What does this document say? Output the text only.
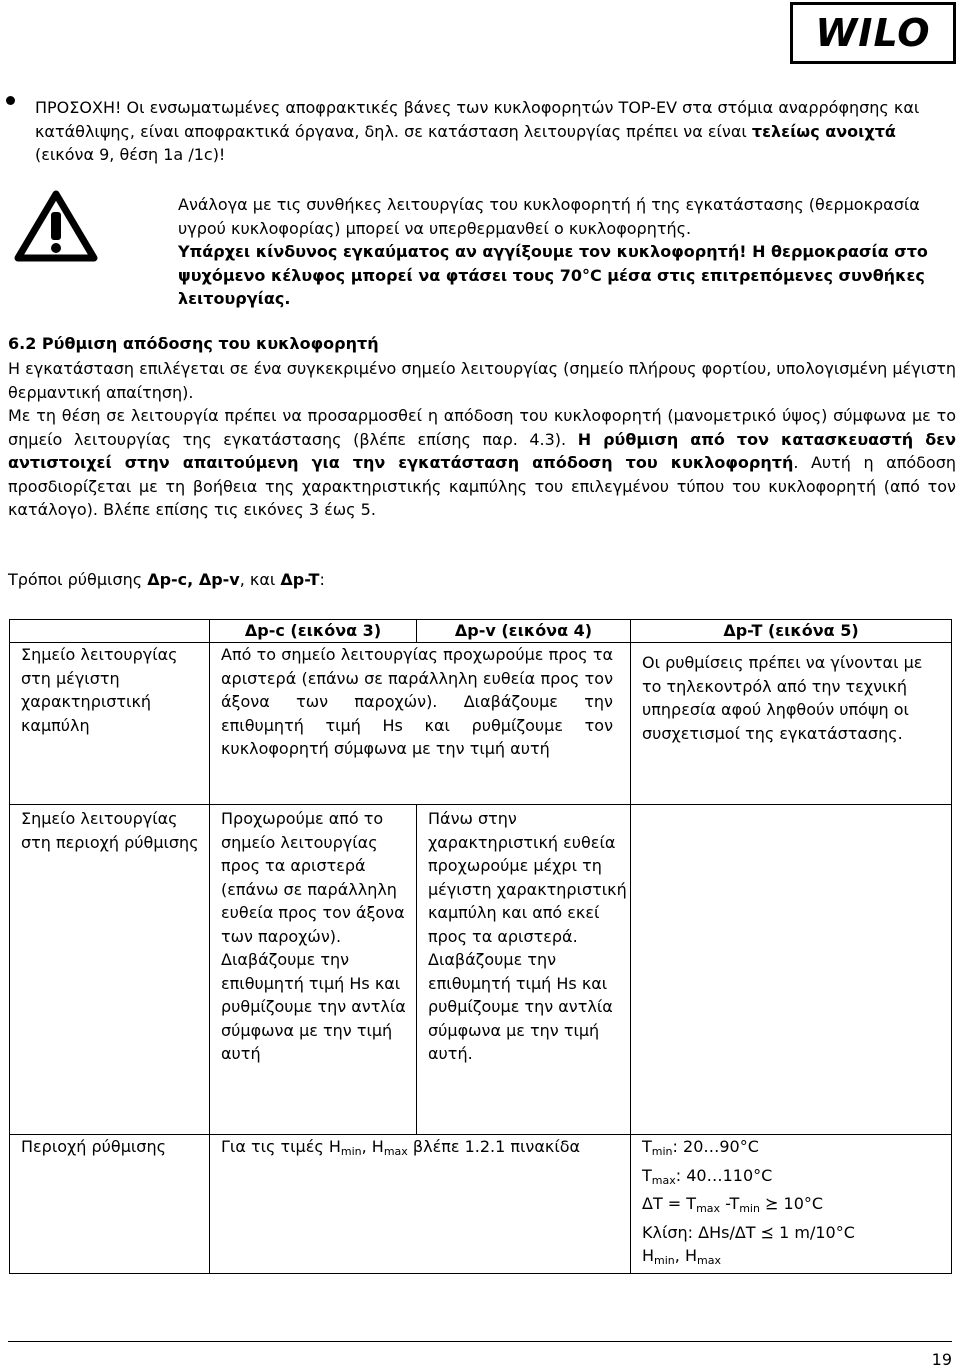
WILO
ΠΡΟΣΟΧΗ! Οι ενσωματωμένες αποφρακτικές βάνες των κυκλοφορητών TOP-EV στα στόμια αναρρόφησης και κατάθλιψης, είναι αποφρακτικά όργανα, δηλ. σε κατάσταση λειτουργίας πρέπει να είναι τελείως ανοιχτά (εικόνα 9, θέση 1a /1c)!
Ανάλογα με τις συνθήκες λειτουργίας του κυκλοφορητή ή της εγκατάστασης (θερμοκρασία υγρού κυκλοφορίας) μπορεί να υπερθερμανθεί ο κυκλοφορητής.
Υπάρχει κίνδυνος εγκαύματος αν αγγίξουμε τον κυκλοφορητή! Η θερμοκρασία στο ψυχόμενο κέλυφος μπορεί να φτάσει τους 70°C μέσα στις επιτρεπόμενες συνθήκες λειτουργίας.
6.2 Ρύθμιση απόδοσης του κυκλοφορητή
Η εγκατάσταση επιλέγεται σε ένα συγκεκριμένο σημείο λειτουργίας (σημείο πλήρους φορτίου, υπολογισμένη μέγιστη θερμαντική απαίτηση).
Με τη θέση σε λειτουργία πρέπει να προσαρμοσθεί η απόδοση του κυκλοφορητή (μανομετρικό ύψος) σύμφωνα με το σημείο λειτουργίας της εγκατάστασης (βλέπε επίσης παρ. 4.3). Η ρύθμιση από τον κατασκευαστή δεν αντιστοιχεί στην απαιτούμενη για την εγκατάσταση απόδοση του κυκλοφορητή. Αυτή η απόδοση προσδιορίζεται με τη βοήθεια της χαρακτηριστικής καμπύλης του επιλεγμένου τύπου του κυκλοφορητή (από τον κατάλογο). Βλέπε επίσης τις εικόνες 3 έως 5.
Τρόποι ρύθμισης Δp-c, Δp-v, και Δp-T:
	Δp-c (εικόνα 3)	Δp-v (εικόνα 4)	Δp-T (εικόνα 5)
Σημείο λειτουργίας στη μέγιστη χαρακτηριστική καμπύλη	Από το σημείο λειτουργίας προχωρούμε προς τα αριστερά (επάνω σε παράλληλη ευθεία προς τον άξονα των παροχών). Διαβάζουμε την επιθυμητή τιμή Hs και ρυθμίζουμε τον κυκλοφορητή σύμφωνα με την τιμή αυτή		Οι ρυθμίσεις πρέπει να γίνονται με το τηλεκοντρόλ από την τεχνική υπηρεσία αφού ληφθούν υπόψη οι συσχετισμοί της εγκατάστασης.
Σημείο λειτουργίας στη περιοχή ρύθμισης	Προχωρούμε από το σημείο λειτουργίας προς τα αριστερά (επάνω σε παράλληλη ευθεία προς τον άξονα των παροχών). Διαβάζουμε την επιθυμητή τιμή Hs και ρυθμίζουμε την αντλία σύμφωνα με την τιμή αυτή	Πάνω στην χαρακτηριστική ευθεία προχωρούμε μέχρι τη μέγιστη χαρακτηριστική καμπύλη και από εκεί προς τα αριστερά. Διαβάζουμε την επιθυμητή τιμή Hs και ρυθμίζουμε την αντλία σύμφωνα με την τιμή αυτή.	
Περιοχή ρύθμισης	Για τις τιμές $H_{min}$, $H_{max}$ βλέπε 1.2.1 πινακίδα		$T_{min}$: 20…90°C
$T_{max}$: 40…110°C
$\Delta T = T_{max}$ $-T_{min}$ ⪰ 10°C
Κλίση: ΔHs/ΔT ⪯ 1 m/10°C
$H_{min}$, $H_{max}$
19
